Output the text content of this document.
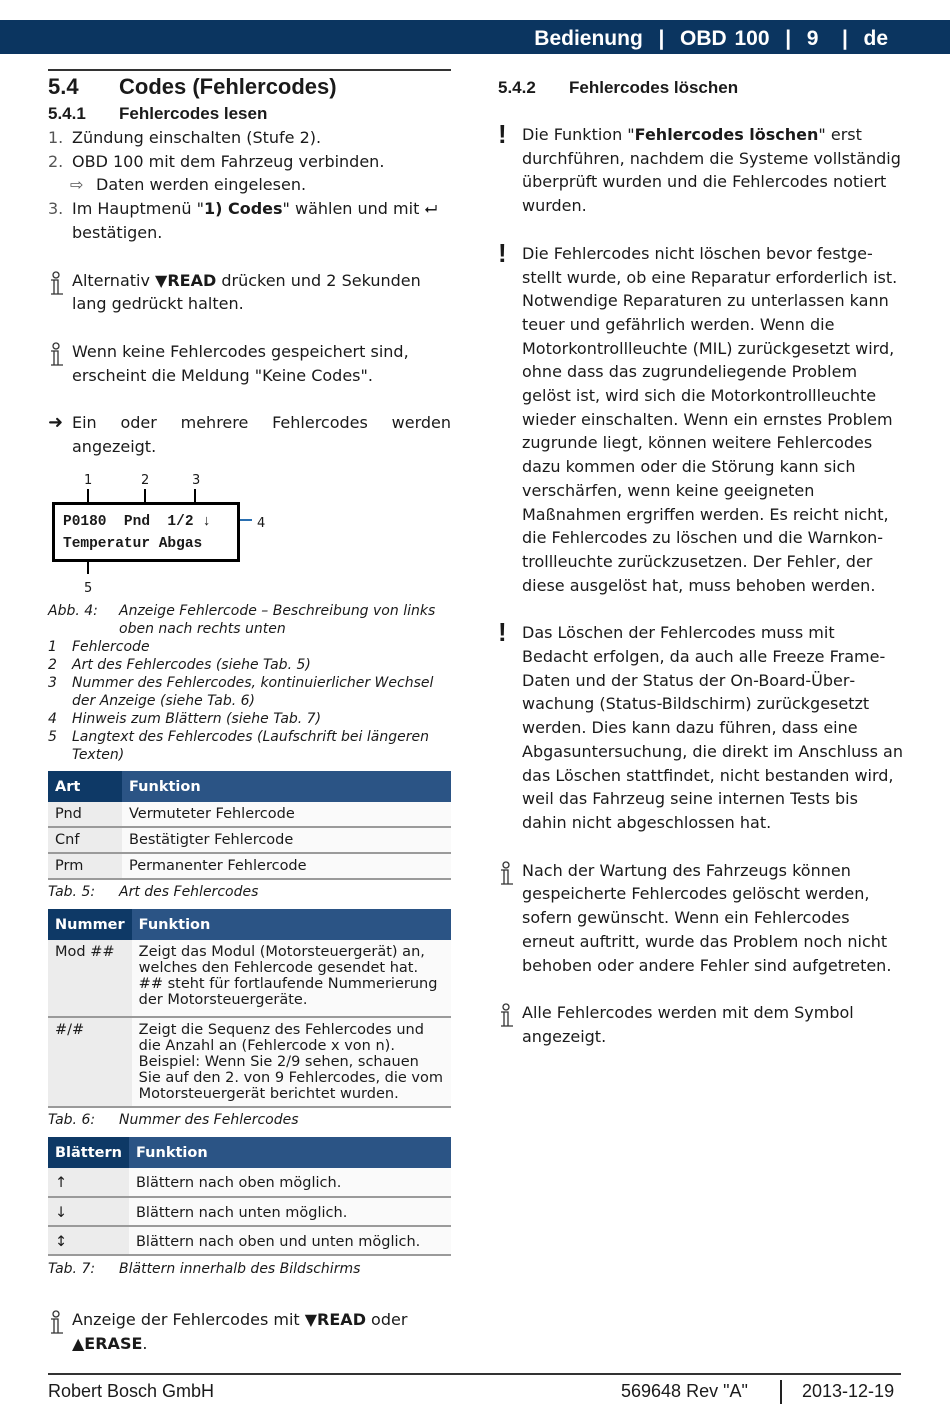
Bedienung  |  OBD 100  |  9   |  de
5.4 Codes (Fehlercodes)
5.4.1 Fehlercodes lesen
1. Zündung einschalten (Stufe 2).
2. OBD 100 mit dem Fahrzeug verbinden.
⇨ Daten werden eingelesen.
3. Im Hauptmenü "1) Codes" wählen und mit ⮠ bestätigen.
Alternativ ▼READ drücken und 2 Sekunden lang gedrückt halten.
Wenn keine Fehlercodes gespeichert sind, erscheint die Meldung "Keine Codes".
➜ Ein oder mehrere Fehlercodes werden angezeigt.
1	2	3
P0180  Pnd  1/2 ↓
Temperatur Abgas
4
5
Abb. 4: Anzeige Fehlercode – Beschreibung von links oben nach rechts unten
1 Fehlercode
2 Art des Fehlercodes (siehe Tab. 5)
3 Nummer des Fehlercodes, kontinuierlicher Wechsel der Anzeige (siehe Tab. 6)
4 Hinweis zum Blättern (siehe Tab. 7)
5 Langtext des Fehlercodes (Laufschrift bei längeren Texten)
Art	Funktion
Pnd	Vermuteter Fehlercode
Cnf	Bestätigter Fehlercode
Prm	Permanenter Fehlercode
Tab. 5: Art des Fehlercodes
Nummer	Funktion
Mod ##	Zeigt das Modul (Motorsteuergerät) an, welches den Fehlercode gesendet hat. ## steht für fortlaufende Nummerierung der Motorsteuergeräte.
#/#	Zeigt die Sequenz des Fehlercodes und die Anzahl an (Fehlercode x von n). Beispiel: Wenn Sie 2/9 sehen, schauen Sie auf den 2. von 9 Fehlercodes, die vom Motorsteuergerät berichtet wurden.
Tab. 6: Nummer des Fehlercodes
Blättern	Funktion
↑	Blättern nach oben möglich.
↓	Blättern nach unten möglich.
↕	Blättern nach oben und unten möglich.
Tab. 7: Blättern innerhalb des Bildschirms
Anzeige der Fehlercodes mit ▼READ oder
▲ERASE.
5.4.2 Fehlercodes löschen
! Die Funktion "Fehlercodes löschen" erst durchführen, nachdem die Systeme vollständig überprüft wurden und die Fehlercodes notiert wurden.
! Die Fehlercodes nicht löschen bevor festgestellt wurde, ob eine Reparatur erforderlich ist. Notwendige Reparaturen zu unterlassen kann teuer und gefährlich werden. Wenn die Motorkontrollleuchte (MIL) zurückgesetzt wird, ohne dass das zugrundeliegende Problem gelöst ist, wird sich die Motorkontrollleuchte wieder einschalten. Wenn ein ernstes Problem zugrunde liegt, können weitere Fehlercodes dazu kommen oder die Störung kann sich verschärfen, wenn keine geeigneten Maßnahmen ergriffen werden. Es reicht nicht, die Fehlercodes zu löschen und die Warnkontrollleuchte zurückzusetzen. Der Fehler, der diese ausgelöst hat, muss behoben werden.
! Das Löschen der Fehlercodes muss mit Bedacht erfolgen, da auch alle Freeze Frame-Daten und der Status der On-Board-Überwachung (Status-Bildschirm) zurückgesetzt werden. Dies kann dazu führen, dass eine Abgasuntersuchung, die direkt im Anschluss an das Löschen stattfindet, nicht bestanden wird, weil das Fahrzeug seine internen Tests bis dahin nicht abgeschlossen hat.
Nach der Wartung des Fahrzeugs können gespeicherte Fehlercodes gelöscht werden, sofern gewünscht. Wenn ein Fehlercodes erneut auftritt, wurde das Problem noch nicht behoben oder andere Fehler sind aufgetreten.
Alle Fehlercodes werden mit dem Symbol angezeigt.
Robert Bosch GmbH	569648 Rev "A"	2013-12-19
